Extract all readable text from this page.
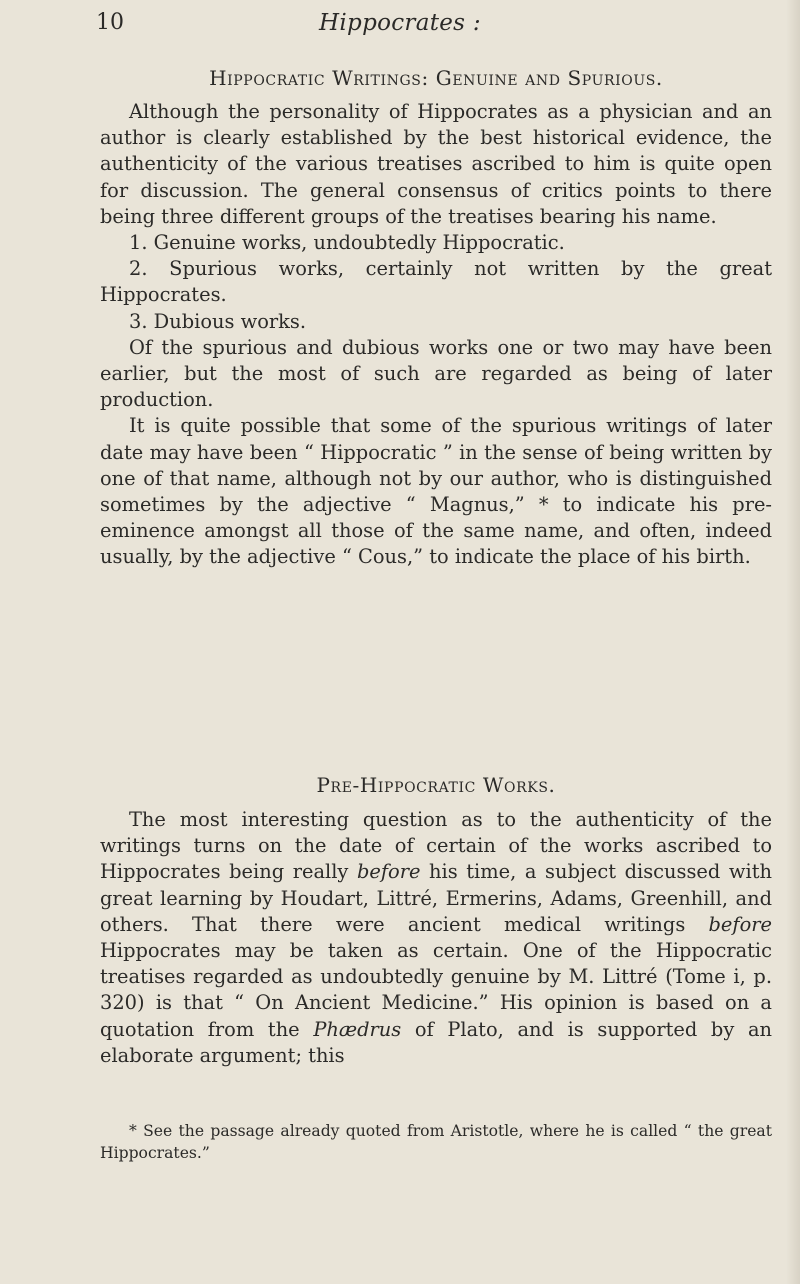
10	Hippocrates :
Hippocratic Writings: Genuine and Spurious.

Although the personality of Hippocrates as a physician and an author is clearly established by the best historical evidence, the authenticity of the various treatises ascribed to him is quite open for discussion. The general consensus of critics points to there being three different groups of the treatises bearing his name.

1. Genuine works, undoubtedly Hippocratic.

2. Spurious works, certainly not written by the great Hippocrates.

3. Dubious works.

Of the spurious and dubious works one or two may have been earlier, but the most of such are regarded as being of later production.

It is quite possible that some of the spurious writings of later date may have been “ Hippocratic ” in the sense of being written by one of that name, although not by our author, who is distinguished sometimes by the adjective “ Magnus,” * to indicate his pre-eminence amongst all those of the same name, and often, indeed usually, by the adjective “ Cous,” to indicate the place of his birth.

Pre-Hippocratic Works.

The most interesting question as to the authenticity of the writings turns on the date of certain of the works ascribed to Hippocrates being really before his time, a subject discussed with great learning by Houdart, Littré, Ermerins, Adams, Greenhill, and others. That there were ancient medical writings before Hippocrates may be taken as certain. One of the Hippocratic treatises regarded as undoubtedly genuine by M. Littré (Tome i, p. 320) is that “ On Ancient Medicine.” His opinion is based on a quotation from the Phædrus of Plato, and is supported by an elaborate argument; this

* See the passage already quoted from Aristotle, where he is called “ the great Hippocrates.”
